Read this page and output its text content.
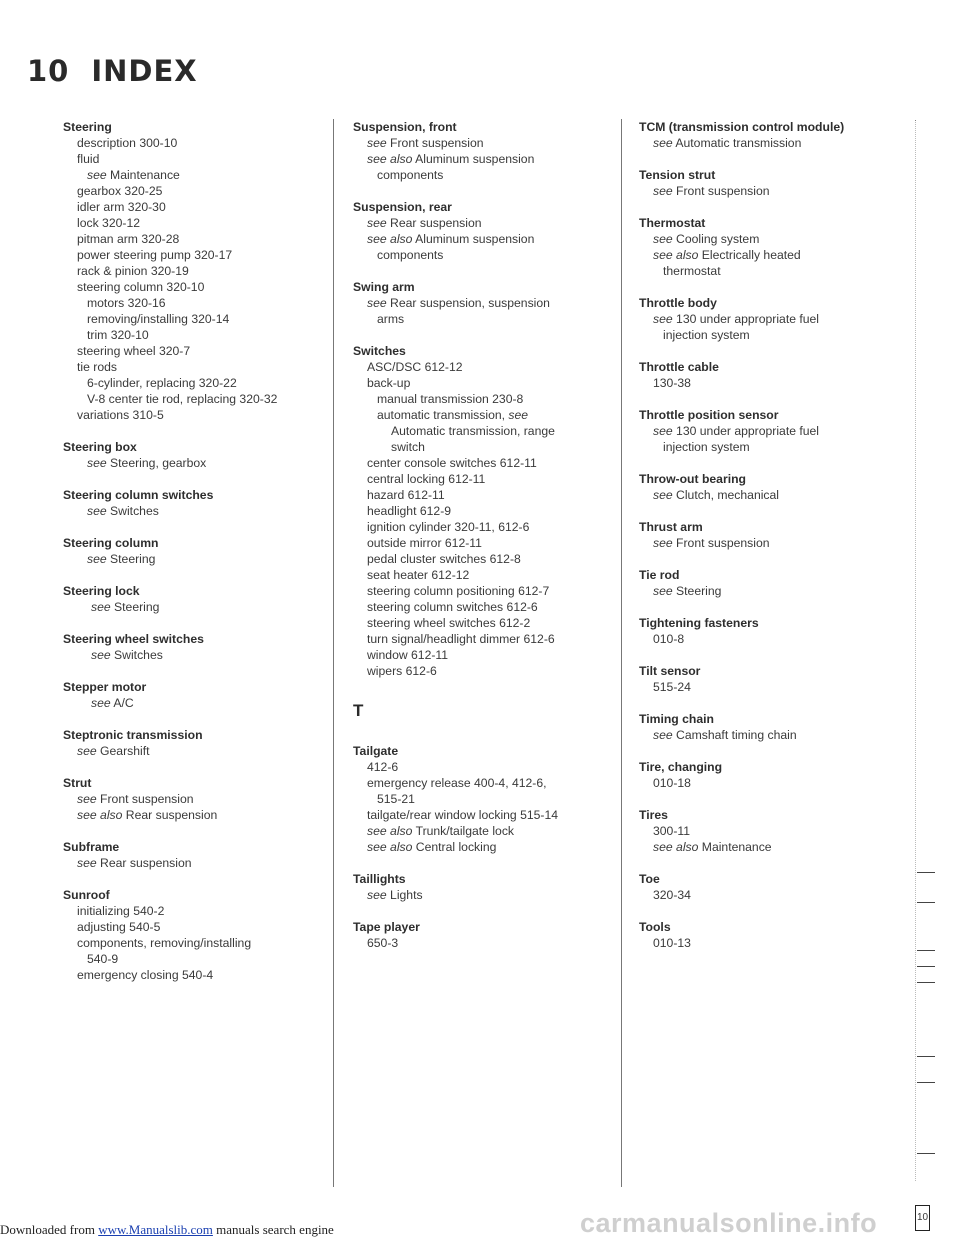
10 INDEX
Steering
description 300-10
fluid
see Maintenance
gearbox 320-25
idler arm 320-30
lock 320-12
pitman arm 320-28
power steering pump 320-17
rack & pinion 320-19
steering column 320-10
motors 320-16
removing/installing 320-14
trim 320-10
steering wheel 320-7
tie rods
6-cylinder, replacing 320-22
V-8 center tie rod, replacing 320-32
variations 310-5
Steering box
see Steering, gearbox
Steering column switches
see Switches
Steering column
see Steering
Steering lock
see Steering
Steering wheel switches
see Switches
Stepper motor
see A/C
Steptronic transmission
see Gearshift
Strut
see Front suspension
see also Rear suspension
Subframe
see Rear suspension
Sunroof
initializing 540-2
adjusting 540-5
components, removing/installing
540-9
emergency closing 540-4
Suspension, front
see Front suspension
see also Aluminum suspension
components
Suspension, rear
see Rear suspension
see also Aluminum suspension
components
Swing arm
see Rear suspension, suspension
arms
Switches
ASC/DSC 612-12
back-up
manual transmission 230-8
automatic transmission, see
Automatic transmission, range
switch
center console switches 612-11
central locking 612-11
hazard 612-11
headlight 612-9
ignition cylinder 320-11, 612-6
outside mirror 612-11
pedal cluster switches 612-8
seat heater 612-12
steering column positioning 612-7
steering column switches 612-6
steering wheel switches 612-2
turn signal/headlight dimmer 612-6
window 612-11
wipers 612-6
T
Tailgate
412-6
emergency release 400-4, 412-6,
515-21
tailgate/rear window locking 515-14
see also Trunk/tailgate lock
see also Central locking
Taillights
see Lights
Tape player
650-3
TCM (transmission control module)
see Automatic transmission
Tension strut
see Front suspension
Thermostat
see Cooling system
see also Electrically heated
thermostat
Throttle body
see 130 under appropriate fuel
injection system
Throttle cable
130-38
Throttle position sensor
see 130 under appropriate fuel
injection system
Throw-out bearing
see Clutch, mechanical
Thrust arm
see Front suspension
Tie rod
see Steering
Tightening fasteners
010-8
Tilt sensor
515-24
Timing chain
see Camshaft timing chain
Tire, changing
010-18
Tires
300-11
see also Maintenance
Toe
320-34
Tools
010-13
10
carmanualsonline.info
Downloaded from www.Manualslib.com manuals search engine
